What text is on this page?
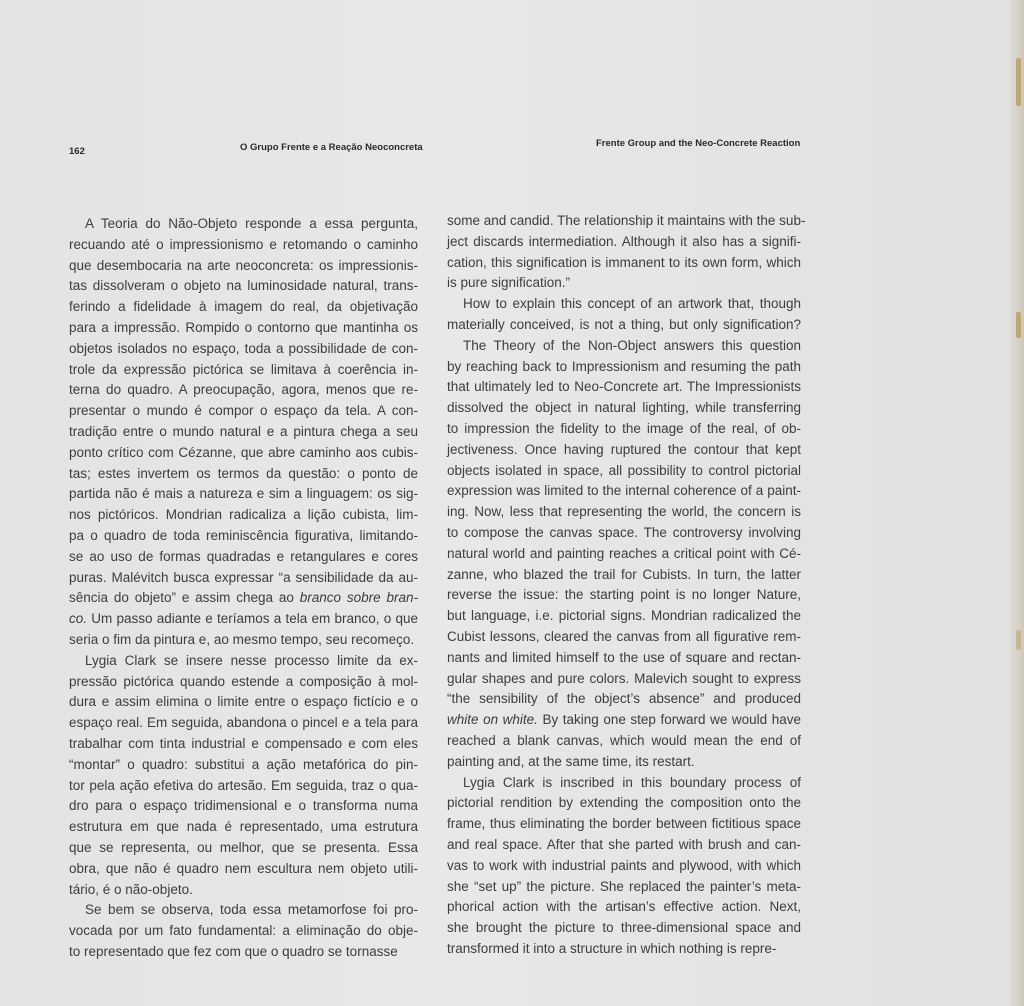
162	O Grupo Frente e a Reação Neoconcreta	Frente Group and the Neo-Concrete Reaction
A Teoria do Não-Objeto responde a essa pergunta,
recuando até o impressionismo e retomando o caminho
que desembocaria na arte neoconcreta: os impressionis-
tas dissolveram o objeto na luminosidade natural, trans-
ferindo a fidelidade à imagem do real, da objetivação
para a impressão. Rompido o contorno que mantinha os
objetos isolados no espaço, toda a possibilidade de con-
trole da expressão pictórica se limitava à coerência in-
terna do quadro. A preocupação, agora, menos que re-
presentar o mundo é compor o espaço da tela. A con-
tradição entre o mundo natural e a pintura chega a seu
ponto crítico com Cézanne, que abre caminho aos cubis-
tas; estes invertem os termos da questão: o ponto de
partida não é mais a natureza e sim a linguagem: os sig-
nos pictóricos. Mondrian radicaliza a lição cubista, lim-
pa o quadro de toda reminiscência figurativa, limitando-
se ao uso de formas quadradas e retangulares e cores
puras. Malévitch busca expressar “a sensibilidade da au-
sência do objeto” e assim chega ao branco sobre bran-
co. Um passo adiante e teríamos a tela em branco, o que
seria o fim da pintura e, ao mesmo tempo, seu recomeço.
Lygia Clark se insere nesse processo limite da ex-
pressão pictórica quando estende a composição à mol-
dura e assim elimina o limite entre o espaço fictício e o
espaço real. Em seguida, abandona o pincel e a tela para
trabalhar com tinta industrial e compensado e com eles
“montar” o quadro: substitui a ação metafórica do pin-
tor pela ação efetiva do artesão. Em seguida, traz o qua-
dro para o espaço tridimensional e o transforma numa
estrutura em que nada é representado, uma estrutura
que se representa, ou melhor, que se presenta. Essa
obra, que não é quadro nem escultura nem objeto utili-
tário, é o não-objeto.
Se bem se observa, toda essa metamorfose foi pro-
vocada por um fato fundamental: a eliminação do obje-
to representado que fez com que o quadro se tornasse
some and candid. The relationship it maintains with the sub-
ject discards intermediation. Although it also has a signifi-
cation, this signification is immanent to its own form, which
is pure signification.”
How to explain this concept of an artwork that, though
materially conceived, is not a thing, but only signification?
The Theory of the Non-Object answers this question
by reaching back to Impressionism and resuming the path
that ultimately led to Neo-Concrete art. The Impressionists
dissolved the object in natural lighting, while transferring
to impression the fidelity to the image of the real, of ob-
jectiveness. Once having ruptured the contour that kept
objects isolated in space, all possibility to control pictorial
expression was limited to the internal coherence of a paint-
ing. Now, less that representing the world, the concern is
to compose the canvas space. The controversy involving
natural world and painting reaches a critical point with Cé-
zanne, who blazed the trail for Cubists. In turn, the latter
reverse the issue: the starting point is no longer Nature,
but language, i.e. pictorial signs. Mondrian radicalized the
Cubist lessons, cleared the canvas from all figurative rem-
nants and limited himself to the use of square and rectan-
gular shapes and pure colors. Malevich sought to express
“the sensibility of the object’s absence” and produced
white on white. By taking one step forward we would have
reached a blank canvas, which would mean the end of
painting and, at the same time, its restart.
Lygia Clark is inscribed in this boundary process of
pictorial rendition by extending the composition onto the
frame, thus eliminating the border between fictitious space
and real space. After that she parted with brush and can-
vas to work with industrial paints and plywood, with which
she “set up” the picture. She replaced the painter’s meta-
phorical action with the artisan’s effective action. Next,
she brought the picture to three-dimensional space and
transformed it into a structure in which nothing is repre-
